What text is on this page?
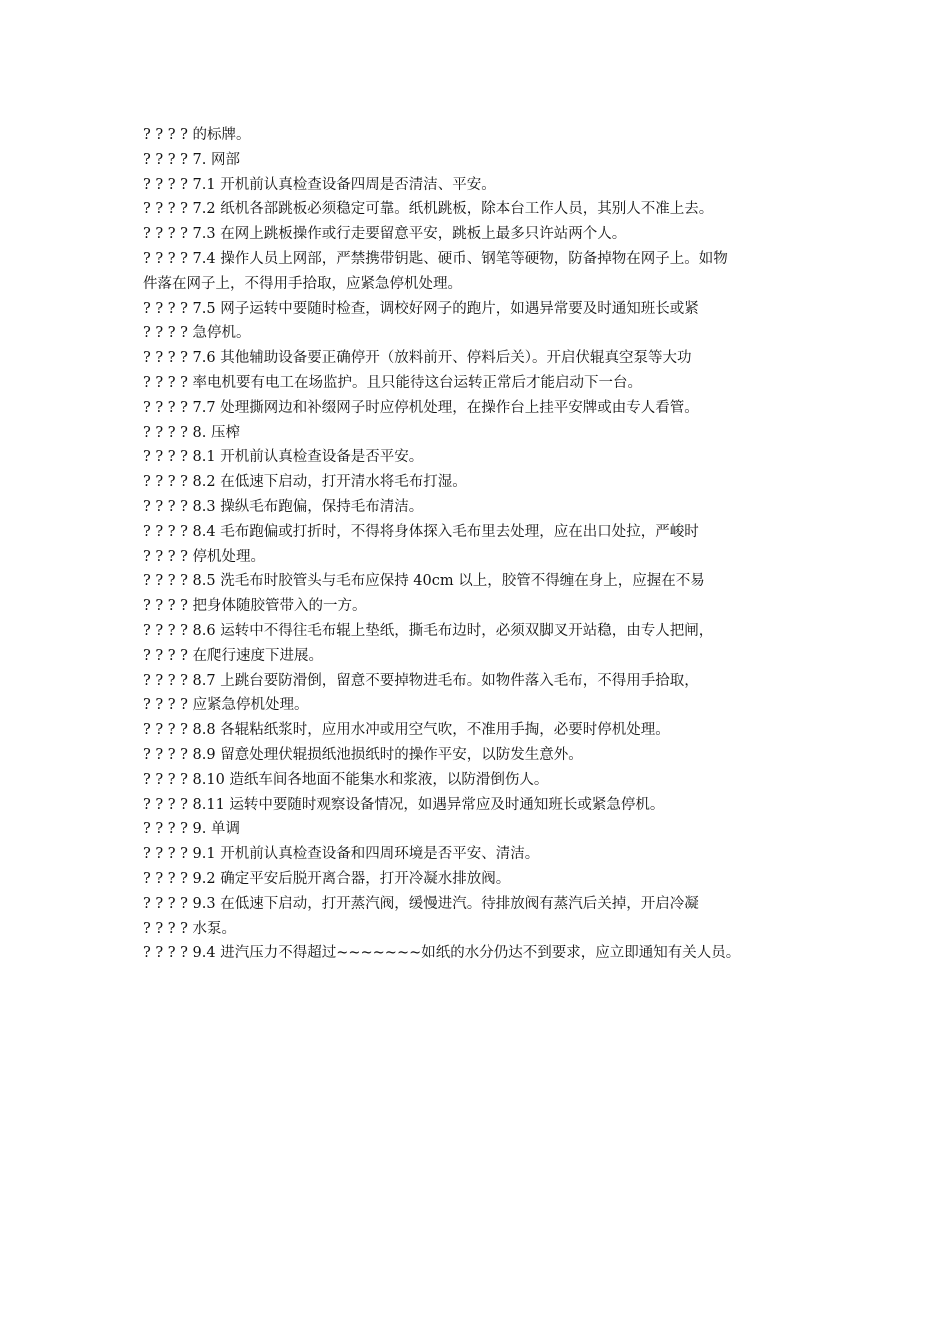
? ? ? ? 的标牌。
? ? ? ? 7. 网部
? ? ? ? 7.1 开机前认真检查设备四周是否清洁、平安。
? ? ? ? 7.2 纸机各部跳板必须稳定可靠。纸机跳板，除本台工作人员，其别人不准上去。
? ? ? ? 7.3 在网上跳板操作或行走要留意平安，跳板上最多只许站两个人。
? ? ? ? 7.4 操作人员上网部，严禁携带钥匙、硬币、钢笔等硬物，防备掉物在网子上。如物
件落在网子上，不得用手拾取，应紧急停机处理。
? ? ? ? 7.5 网子运转中要随时检查，调校好网子的跑片，如遇异常要及时通知班长或紧
? ? ? ? 急停机。
? ? ? ? 7.6 其他辅助设备要正确停开（放料前开、停料后关）。开启伏辊真空泵等大功
? ? ? ? 率电机要有电工在场监护。且只能待这台运转正常后才能启动下一台。
? ? ? ? 7.7 处理撕网边和补缀网子时应停机处理，在操作台上挂平安牌或由专人看管。
? ? ? ? 8. 压榨
? ? ? ? 8.1 开机前认真检查设备是否平安。
? ? ? ? 8.2 在低速下启动，打开清水将毛布打湿。
? ? ? ? 8.3 操纵毛布跑偏，保持毛布清洁。
? ? ? ? 8.4 毛布跑偏或打折时，不得将身体探入毛布里去处理，应在出口处拉，严峻时
? ? ? ? 停机处理。
? ? ? ? 8.5 洗毛布时胶管头与毛布应保持 40cm 以上，胶管不得缠在身上，应握在不易
? ? ? ? 把身体随胶管带入的一方。
? ? ? ? 8.6 运转中不得往毛布辊上垫纸，撕毛布边时，必须双脚叉开站稳，由专人把闸，
? ? ? ? 在爬行速度下进展。
? ? ? ? 8.7 上跳台要防滑倒，留意不要掉物进毛布。如物件落入毛布，不得用手拾取，
? ? ? ? 应紧急停机处理。
? ? ? ? 8.8 各辊粘纸浆时，应用水冲或用空气吹，不准用手掏，必要时停机处理。
? ? ? ? 8.9 留意处理伏辊损纸池损纸时的操作平安，以防发生意外。
? ? ? ? 8.10 造纸车间各地面不能集水和浆液，以防滑倒伤人。
? ? ? ? 8.11 运转中要随时观察设备情况，如遇异常应及时通知班长或紧急停机。
? ? ? ? 9. 单调
? ? ? ? 9.1 开机前认真检查设备和四周环境是否平安、清洁。
? ? ? ? 9.2 确定平安后脱开离合器，打开冷凝水排放阀。
? ? ? ? 9.3 在低速下启动，打开蒸汽阀，缓慢进汽。待排放阀有蒸汽后关掉，开启冷凝
? ? ? ? 水泵。
? ? ? ? 9.4 进汽压力不得超过~~~~~~~如纸的水分仍达不到要求，应立即通知有关人员。
